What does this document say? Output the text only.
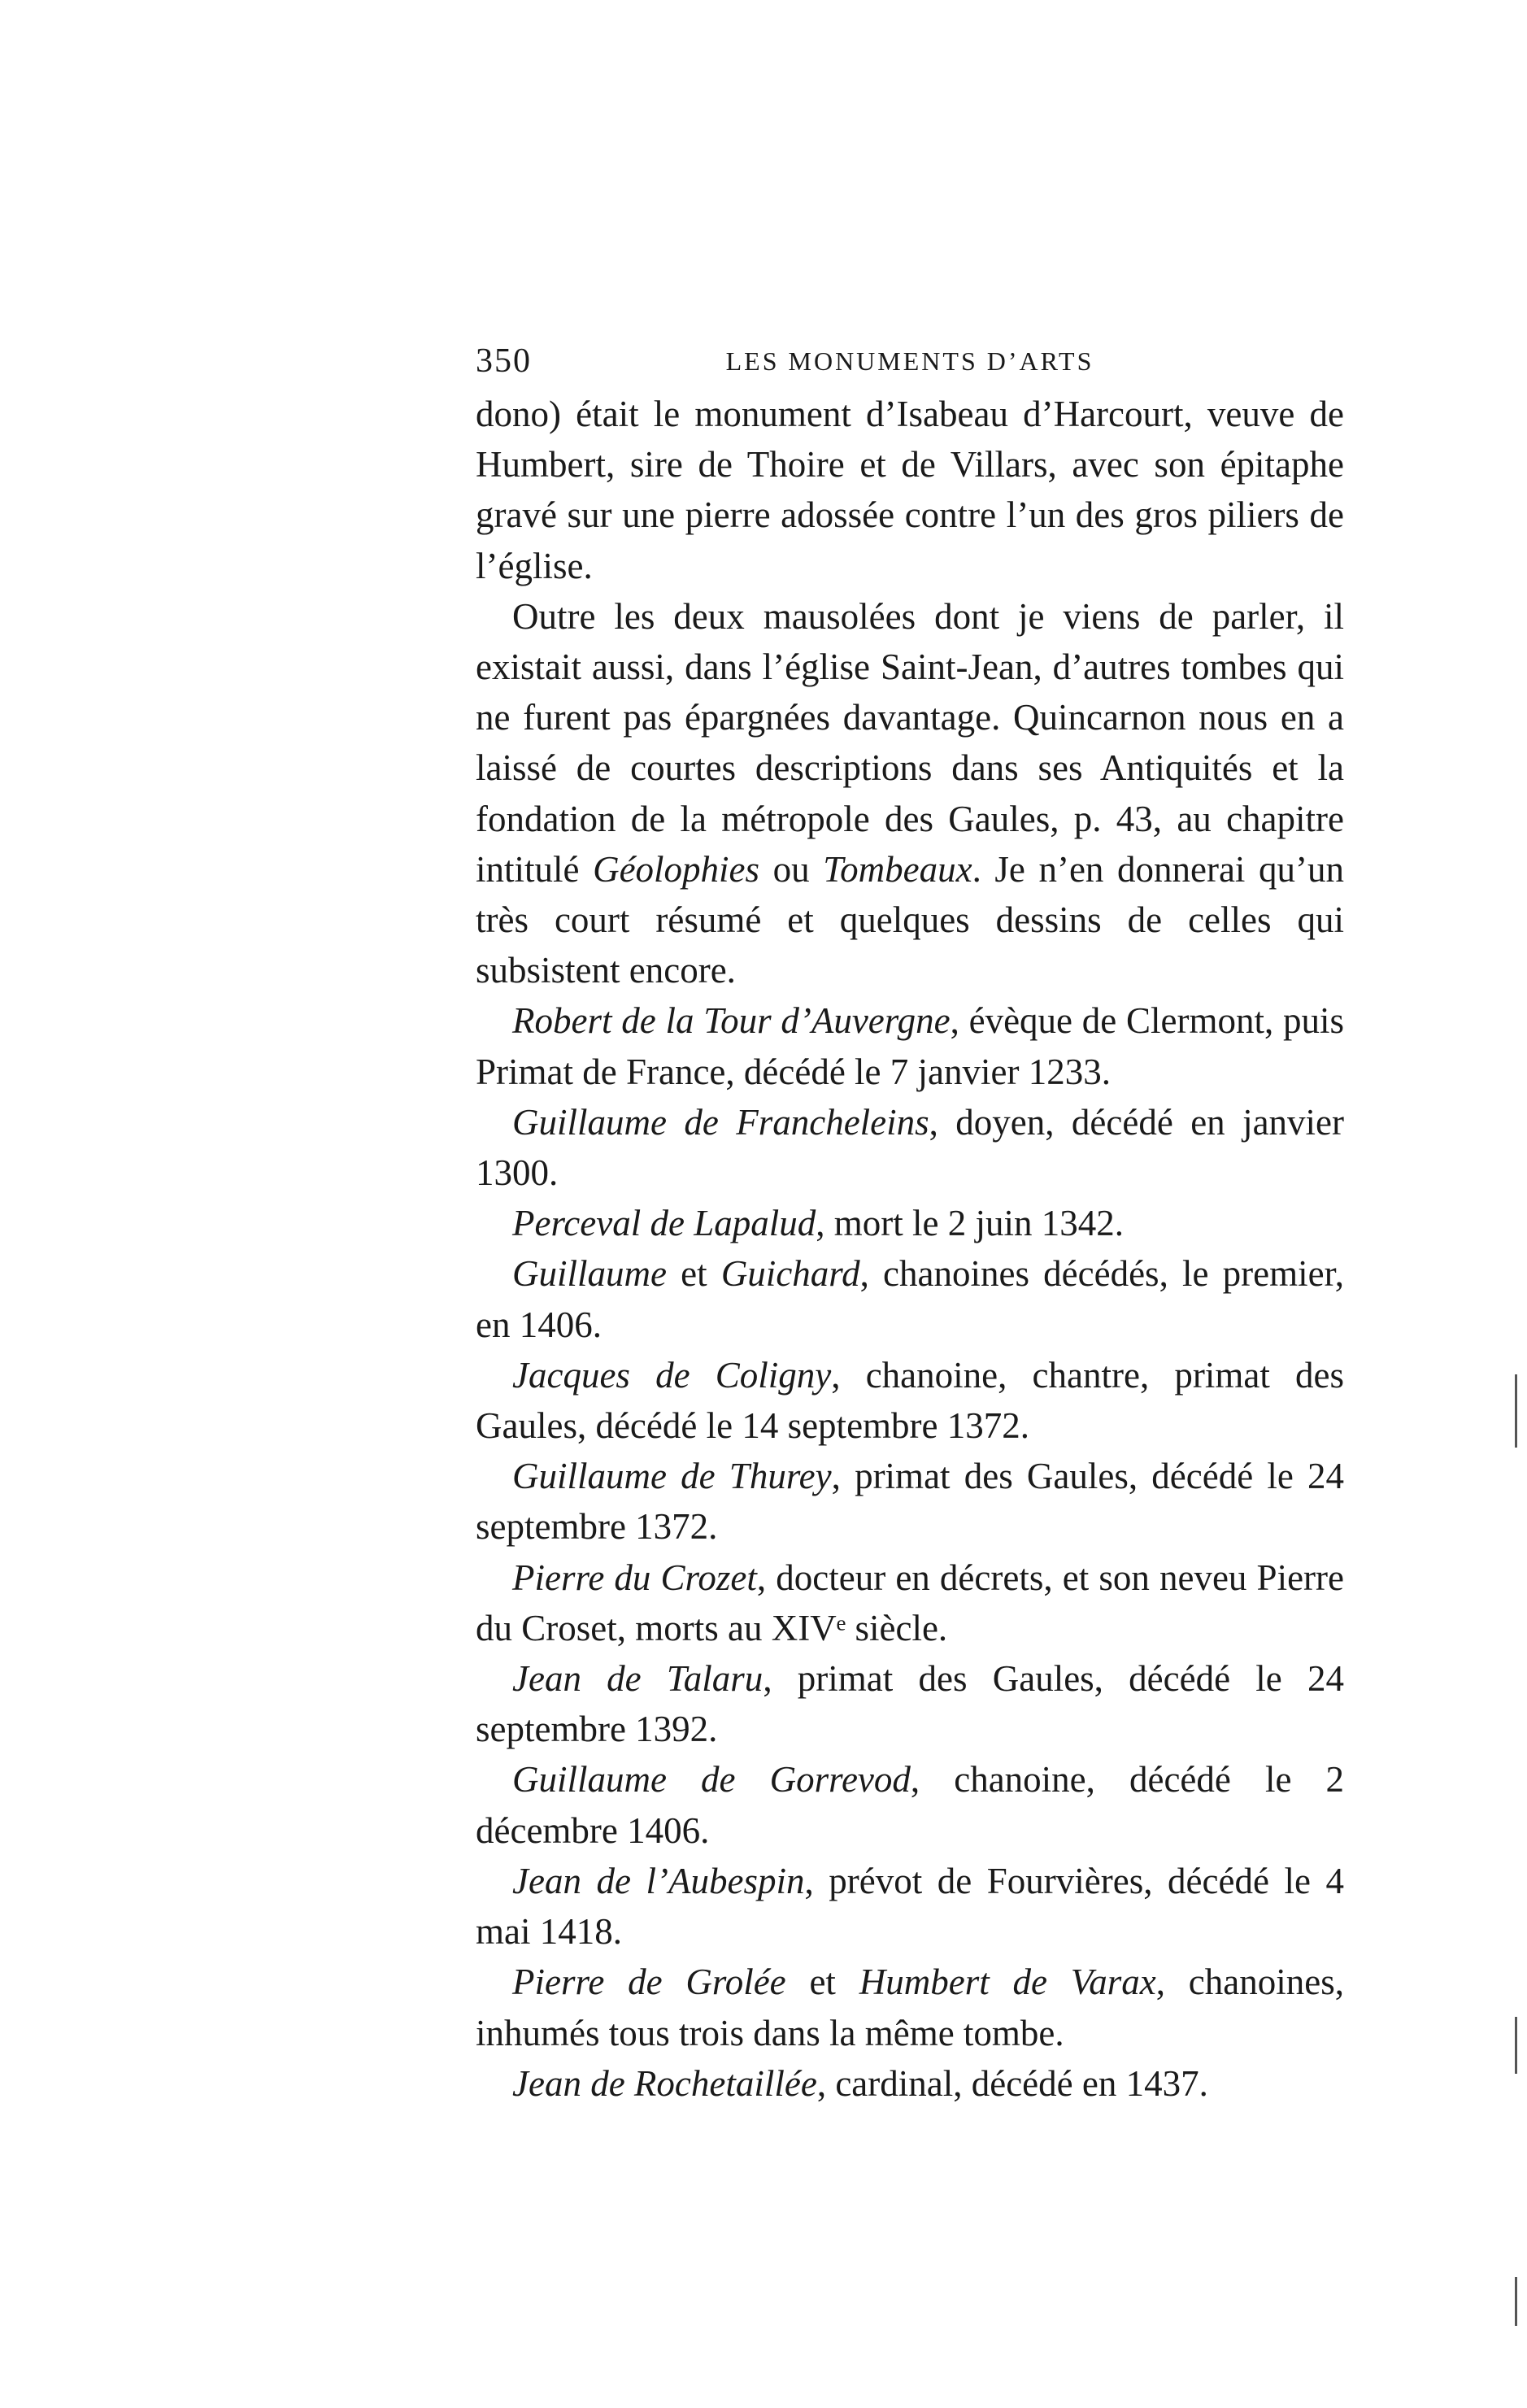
350	LES MONUMENTS D’ARTS

dono) était le monument d’Isabeau d’Harcourt, veuve de Humbert, sire de Thoire et de Villars, avec son épitaphe gravé sur une pierre adossée contre l’un des gros piliers de l’église.

Outre les deux mausolées dont je viens de parler, il existait aussi, dans l’église Saint-Jean, d’autres tombes qui ne furent pas épargnées davantage. Quincarnon nous en a laissé de courtes descriptions dans ses Antiquités et la fondation de la métropole des Gaules, p. 43, au chapitre intitulé Géolophies ou Tombeaux. Je n’en donnerai qu’un très court résumé et quelques dessins de celles qui subsistent encore.

Robert de la Tour d’Auvergne, évèque de Clermont, puis Primat de France, décédé le 7 janvier 1233.

Guillaume de Francheleins, doyen, décédé en janvier 1300.

Perceval de Lapalud, mort le 2 juin 1342.

Guillaume et Guichard, chanoines décédés, le premier, en 1406.

Jacques de Coligny, chanoine, chantre, primat des Gaules, décédé le 14 septembre 1372.

Guillaume de Thurey, primat des Gaules, décédé le 24 septembre 1372.

Pierre du Crozet, docteur en décrets, et son neveu Pierre du Croset, morts au XIVᵉ siècle.

Jean de Talaru, primat des Gaules, décédé le 24 septembre 1392.

Guillaume de Gorrevod, chanoine, décédé le 2 décembre 1406.

Jean de l’Aubespin, prévot de Fourvières, décédé le 4 mai 1418.

Pierre de Grolée et Humbert de Varax, chanoines, inhumés tous trois dans la même tombe.

Jean de Rochetaillée, cardinal, décédé en 1437.
